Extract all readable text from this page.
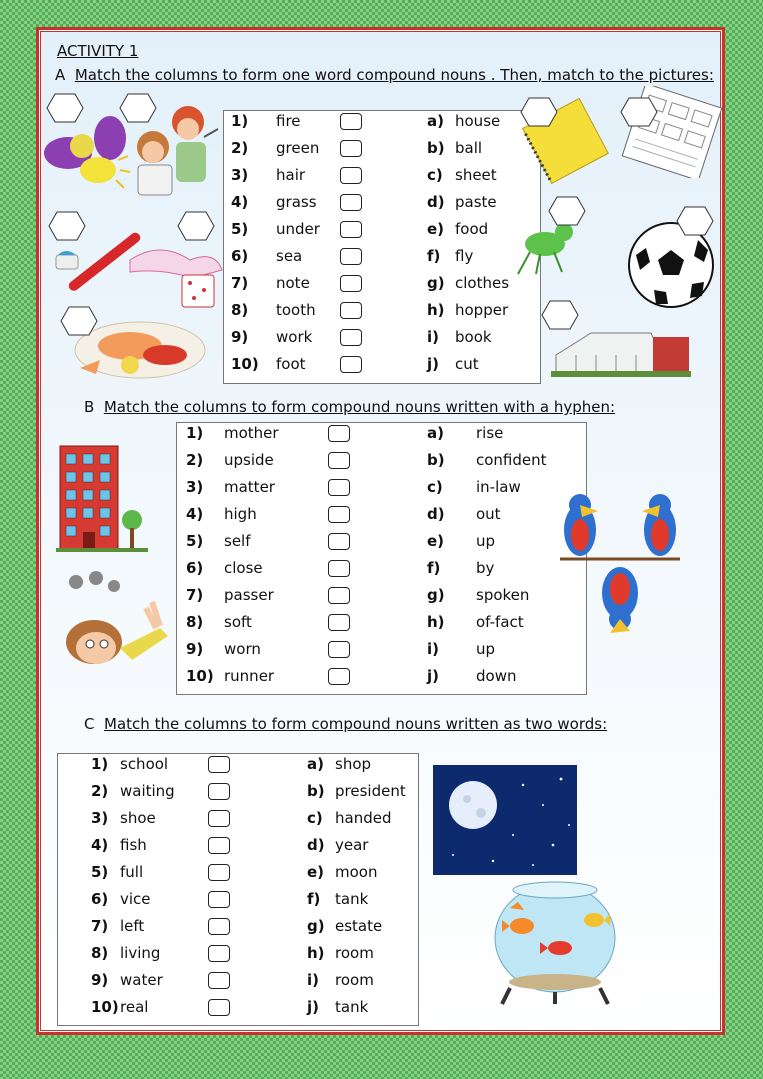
ACTIVITY 1
A Match the columns to form one word compound nouns . Then, match to the pictures:
B Match the columns to form compound nouns written with a hyphen:
C Match the columns to form compound nouns written as two words:
1) fire	a) house
2) green	b) ball
3) hair	c) sheet
4) grass	d) paste
5) under	e) food
6) sea	f) fly
7) note	g) clothes
8) tooth	h) hopper
9) work	i) book
10) foot	j) cut
1) mother	a) rise
2) upside	b) confident
3) matter	c) in-law
4) high	d) out
5) self	e) up
6) close	f) by
7) passer	g) spoken
8) soft	h) of-fact
9) worn	i) up
10) runner	j) down
1) school	a) shop
2) waiting	b) president
3) shoe	c) handed
4) fish	d) year
5) full	e) moon
6) vice	f) tank
7) left	g) estate
8) living	h) room
9) water	i) room
10) real	j) tank
